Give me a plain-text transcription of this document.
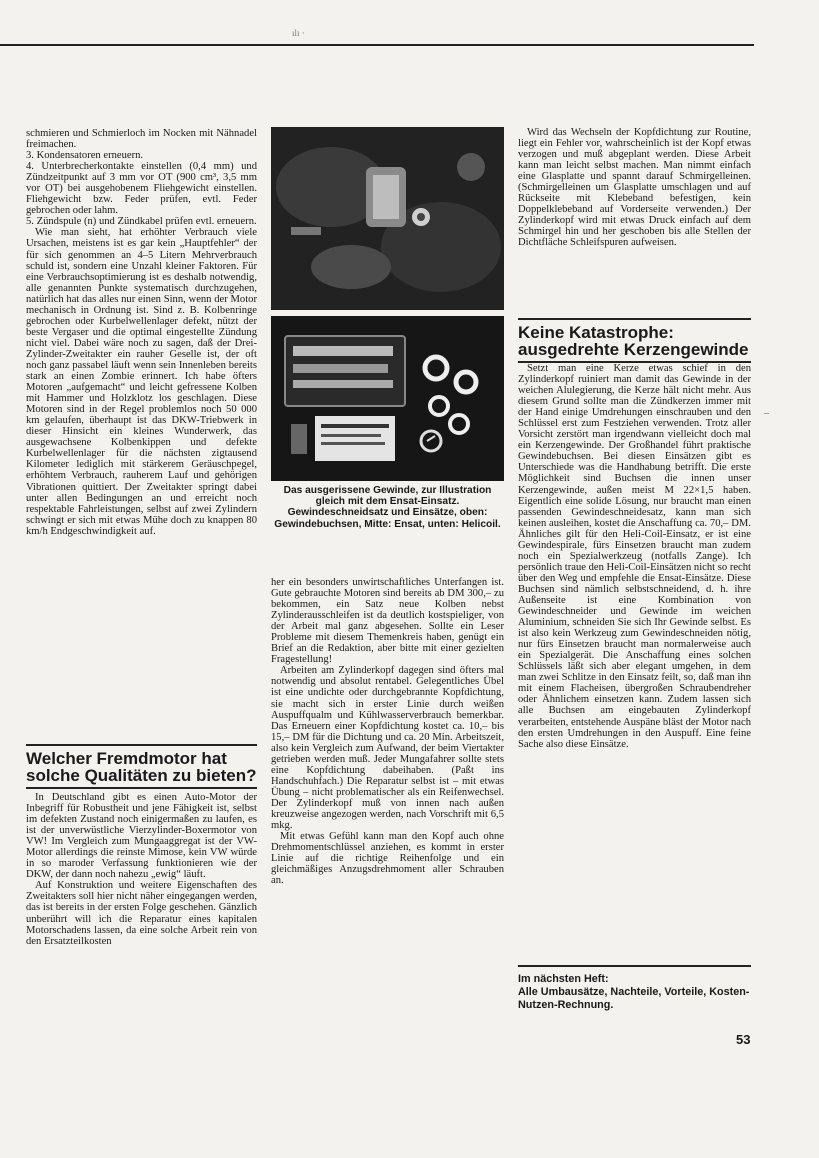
ılı ·

schmieren und Schmierloch im Nocken mit Nähnadel freimachen.

3. Kondensatoren erneuern.

4. Unterbrecherkontakte einstellen (0,4 mm) und Zündzeitpunkt auf 3 mm vor OT (900 cm³, 3,5 mm vor OT) bei ausgehobenem Fliehgewicht einstellen. Fliehgewicht bzw. Feder prüfen, evtl. Feder gebrochen oder lahm.

5. Zündspule (n) und Zündkabel prüfen evtl. erneuern.

Wie man sieht, hat erhöhter Verbrauch viele Ursachen, meistens ist es gar kein „Hauptfehler“ der für sich genommen an 4–5 Litern Mehrverbrauch schuld ist, sondern eine Unzahl kleiner Faktoren. Für eine Verbrauchsoptimierung ist es deshalb notwendig, alle genannten Punkte systematisch durchzugehen, natürlich hat das alles nur einen Sinn, wenn der Motor mechanisch in Ordnung ist. Sind z. B. Kolbenringe gebrochen oder Kurbelwellenlager defekt, nützt der beste Vergaser und die optimal eingestellte Zündung nicht viel. Dabei wäre noch zu sagen, daß der Drei-Zylinder-Zweitakter ein rauher Geselle ist, der oft noch ganz passabel läuft wenn sein Innenleben bereits stark an einen Zombie erinnert. Ich habe öfters Motoren „aufgemacht“ und leicht gefressene Kolben mit Hammer und Holzklotz los geschlagen. Diese Motoren sind in der Regel problemlos noch 50 000 km gelaufen, überhaupt ist das DKW-Triebwerk in dieser Hinsicht ein kleines Wunderwerk, das ausgewachsene Kolbenkippen und defekte Kurbelwellenlager für die nächsten zigtausend Kilometer lediglich mit stärkerem Geräuschpegel, erhöhtem Verbrauch, rauherem Lauf und gehörigen Vibrationen quittiert. Der Zweitakter springt dabei unter allen Bedingungen an und erreicht noch respektable Fahrleistungen, selbst auf zwei Zylindern schwingt er sich mit etwas Mühe doch zu knappen 80 km/h Endgeschwindigkeit auf.

Welcher Fremdmotor hat solche Qualitäten zu bieten?

In Deutschland gibt es einen Auto-Motor der Inbegriff für Robustheit und jene Fähigkeit ist, selbst im defekten Zustand noch einigermaßen zu laufen, es ist der unverwüstliche Vierzylinder-Boxermotor von VW! Im Vergleich zum Mungaaggregat ist der VW-Motor allerdings die reinste Mimose, kein VW würde in so maroder Verfassung funktionieren wie der DKW, der dann noch nahezu „ewig“ läuft.

Auf Konstruktion und weitere Eigenschaften des Zweitakters soll hier nicht näher eingegangen werden, das ist bereits in der ersten Folge geschehen. Gänzlich unberührt will ich die Reparatur eines kapitalen Motorschadens lassen, da eine solche Arbeit rein von den Ersatzteilkosten

Das ausgerissene Gewinde, zur Illustration gleich mit dem Ensat-Einsatz. Gewindeschneidsatz und Einsätze, oben: Gewindebuchsen, Mitte: Ensat, unten: Helicoil.

her ein besonders unwirtschaftliches Unterfangen ist. Gute gebrauchte Motoren sind bereits ab DM 300,– zu bekommen, ein Satz neue Kolben nebst Zylinderausschleifen ist da deutlich kostspieliger, von der Arbeit mal ganz abgesehen. Sollte ein Leser Probleme mit diesem Themenkreis haben, genügt ein Brief an die Redaktion, aber bitte mit einer gezielten Fragestellung!

Arbeiten am Zylinderkopf dagegen sind öfters mal notwendig und absolut rentabel. Gelegentliches Übel ist eine undichte oder durchgebrannte Kopfdichtung, sie macht sich in erster Linie durch weißen Auspuffqualm und Kühlwasserverbrauch bemerkbar. Das Erneuern einer Kopfdichtung kostet ca. 10,– bis 15,– DM für die Dichtung und ca. 20 Min. Arbeitszeit, also kein Vergleich zum Aufwand, der beim Viertakter getrieben werden muß. Jeder Mungafahrer sollte stets eine Kopfdichtung dabeihaben. (Paßt ins Handschuhfach.) Die Reparatur selbst ist – mit etwas Übung – nicht problematischer als ein Reifenwechsel. Der Zylinderkopf muß von innen nach außen kreuzweise angezogen werden, nach Vorschrift mit 6,5 mkg.

Mit etwas Gefühl kann man den Kopf auch ohne Drehmomentschlüssel anziehen, es kommt in erster Linie auf die richtige Reihenfolge und ein gleichmäßiges Anzugsdrehmoment aller Schrauben an.

Wird das Wechseln der Kopfdichtung zur Routine, liegt ein Fehler vor, wahrscheinlich ist der Kopf etwas verzogen und muß abgeplant werden. Diese Arbeit kann man leicht selbst machen. Man nimmt einfach eine Glasplatte und spannt darauf Schmirgelleinen. (Schmirgelleinen um Glasplatte umschlagen und auf Rückseite mit Klebeband befestigen, kein Doppelklebeband auf Vorderseite verwenden.) Der Zylinderkopf wird mit etwas Druck einfach auf dem Schmirgel hin und her geschoben bis alle Stellen der Dichtfläche Schleifspuren aufweisen.

Keine Katastrophe: ausgedrehte Kerzengewinde

Setzt man eine Kerze etwas schief in den Zylinderkopf ruiniert man damit das Gewinde in der weichen Alulegierung, die Kerze hält nicht mehr. Aus diesem Grund sollte man die Zündkerzen immer mit der Hand einige Umdrehungen einschrauben und den Schlüssel erst zum Festziehen verwenden. Trotz aller Vorsicht zerstört man irgendwann vielleicht doch mal ein Kerzengewinde. Der Großhandel führt praktische Gewindebuchsen. Bei diesen Einsätzen gibt es Unterschiede was die Handhabung betrifft. Die erste Möglichkeit sind Buchsen die innen unser Kerzengewinde, außen meist M 22×1,5 haben. Eigentlich eine solide Lösung, nur braucht man einen passenden Gewindeschneidesatz, kann man sich keinen ausleihen, kostet die Anschaffung ca. 70,– DM. Ähnliches gilt für den Heli-Coil-Einsatz, er ist eine Gewindespirale, fürs Einsetzen braucht man zudem noch ein Spezialwerkzeug (notfalls Zange). Ich persönlich traue den Heli-Coil-Einsätzen nicht so recht über den Weg und empfehle die Ensat-Einsätze. Diese Buchsen sind nämlich selbstschneidend, d. h. ihre Außenseite ist eine Kombination von Gewindeschneider und Gewinde im weichen Aluminium, schneiden Sie sich Ihr Gewinde selbst. Es ist also kein Werkzeug zum Gewindeschneiden nötig, nur fürs Einsetzen braucht man normalerweise auch ein Spezialgerät. Die Anschaffung eines solchen Schlüssels läßt sich aber elegant umgehen, in dem man zwei Schlitze in den Einsatz feilt, so, daß man ihn mit einem Flacheisen, übergroßen Schraubendreher oder Ähnlichem einsetzen kann. Zudem lassen sich alle Buchsen am eingebauten Zylinderkopf verarbeiten, entstehende Auspäne bläst der Motor nach den ersten Umdrehungen in den Auspuff. Eine feine Sache also diese Einsätze.

Im nächsten Heft:
Alle Umbausätze, Nachteile, Vorteile, Kosten-Nutzen-Rechnung.
53
–
